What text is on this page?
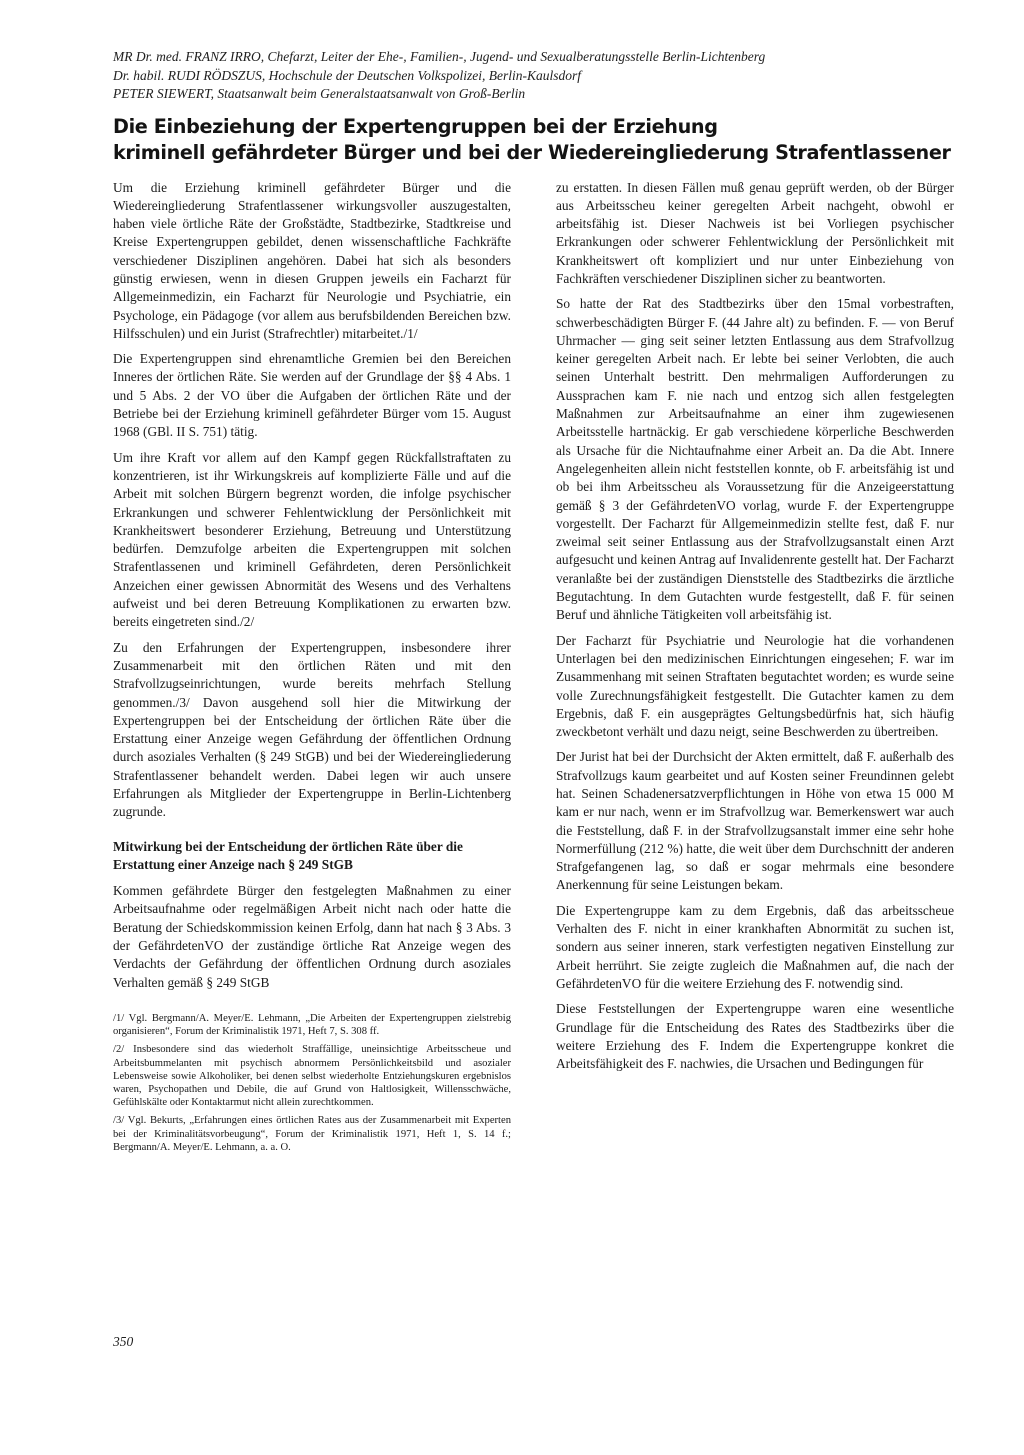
MR Dr. med. FRANZ IRRO, Chefarzt, Leiter der Ehe-, Familien-, Jugend- und Sexualberatungsstelle Berlin-Lichtenberg

Dr. habil. RUDI RÖDSZUS, Hochschule der Deutschen Volkspolizei, Berlin-Kaulsdorf

PETER SIEWERT, Staatsanwalt beim Generalstaatsanwalt von Groß-Berlin

Die Einbeziehung der Expertengruppen bei der Erziehung
kriminell gefährdeter Bürger und bei der Wiedereingliederung Strafentlassener

Um die Erziehung kriminell gefährdeter Bürger und die Wiedereingliederung Strafentlassener wirkungsvoller auszugestalten, haben viele örtliche Räte der Großstädte, Stadtbezirke, Stadtkreise und Kreise Expertengruppen gebildet, denen wissenschaftliche Fachkräfte verschiedener Disziplinen angehören. Dabei hat sich als besonders günstig erwiesen, wenn in diesen Gruppen jeweils ein Facharzt für Allgemeinmedizin, ein Facharzt für Neurologie und Psychiatrie, ein Psychologe, ein Pädagoge (vor allem aus berufsbildenden Bereichen bzw. Hilfsschulen) und ein Jurist (Strafrechtler) mitarbeitet./1/

Die Expertengruppen sind ehrenamtliche Gremien bei den Bereichen Inneres der örtlichen Räte. Sie werden auf der Grundlage der §§ 4 Abs. 1 und 5 Abs. 2 der VO über die Aufgaben der örtlichen Räte und der Betriebe bei der Erziehung kriminell gefährdeter Bürger vom 15. August 1968 (GBl. II S. 751) tätig.

Um ihre Kraft vor allem auf den Kampf gegen Rückfallstraftaten zu konzentrieren, ist ihr Wirkungskreis auf komplizierte Fälle und auf die Arbeit mit solchen Bürgern begrenzt worden, die infolge psychischer Erkrankungen und schwerer Fehlentwicklung der Persönlichkeit mit Krankheitswert besonderer Erziehung, Betreuung und Unterstützung bedürfen. Demzufolge arbeiten die Expertengruppen mit solchen Strafentlassenen und kriminell Gefährdeten, deren Persönlichkeit Anzeichen einer gewissen Abnormität des Wesens und des Verhaltens aufweist und bei deren Betreuung Komplikationen zu erwarten bzw. bereits eingetreten sind./2/

Zu den Erfahrungen der Expertengruppen, insbesondere ihrer Zusammenarbeit mit den örtlichen Räten und mit den Strafvollzugseinrichtungen, wurde bereits mehrfach Stellung genommen./3/ Davon ausgehend soll hier die Mitwirkung der Expertengruppen bei der Entscheidung der örtlichen Räte über die Erstattung einer Anzeige wegen Gefährdung der öffentlichen Ordnung durch asoziales Verhalten (§ 249 StGB) und bei der Wiedereingliederung Strafentlassener behandelt werden. Dabei legen wir auch unsere Erfahrungen als Mitglieder der Expertengruppe in Berlin-Lichtenberg zugrunde.

Mitwirkung bei der Entscheidung der örtlichen Räte über die Erstattung einer Anzeige nach § 249 StGB

Kommen gefährdete Bürger den festgelegten Maßnahmen zu einer Arbeitsaufnahme oder regelmäßigen Arbeit nicht nach oder hatte die Beratung der Schiedskommission keinen Erfolg, dann hat nach § 3 Abs. 3 der GefährdetenVO der zuständige örtliche Rat Anzeige wegen des Verdachts der Gefährdung der öffentlichen Ordnung durch asoziales Verhalten gemäß § 249 StGB

/1/ Vgl. Bergmann/A. Meyer/E. Lehmann, „Die Arbeiten der Expertengruppen zielstrebig organisieren“, Forum der Kriminalistik 1971, Heft 7, S. 308 ff.

/2/ Insbesondere sind das wiederholt Straffällige, uneinsichtige Arbeitsscheue und Arbeitsbummelanten mit psychisch abnormem Persönlichkeitsbild und asozialer Lebensweise sowie Alkoholiker, bei denen selbst wiederholte Entziehungskuren ergebnislos waren, Psychopathen und Debile, die auf Grund von Haltlosigkeit, Willensschwäche, Gefühlskälte oder Kontaktarmut nicht allein zurechtkommen.

/3/ Vgl. Bekurts, „Erfahrungen eines örtlichen Rates aus der Zusammenarbeit mit Experten bei der Kriminalitätsvorbeugung“, Forum der Kriminalistik 1971, Heft 1, S. 14 f.; Bergmann/A. Meyer/E. Lehmann, a. a. O.

zu erstatten. In diesen Fällen muß genau geprüft werden, ob der Bürger aus Arbeitsscheu keiner geregelten Arbeit nachgeht, obwohl er arbeitsfähig ist. Dieser Nachweis ist bei Vorliegen psychischer Erkrankungen oder schwerer Fehlentwicklung der Persönlichkeit mit Krankheitswert oft kompliziert und nur unter Einbeziehung von Fachkräften verschiedener Disziplinen sicher zu beantworten.

So hatte der Rat des Stadtbezirks über den 15mal vorbestraften, schwerbeschädigten Bürger F. (44 Jahre alt) zu befinden. F. — von Beruf Uhrmacher — ging seit seiner letzten Entlassung aus dem Strafvollzug keiner geregelten Arbeit nach. Er lebte bei seiner Verlobten, die auch seinen Unterhalt bestritt. Den mehrmaligen Aufforderungen zu Aussprachen kam F. nie nach und entzog sich allen festgelegten Maßnahmen zur Arbeitsaufnahme an einer ihm zugewiesenen Arbeitsstelle hartnäckig. Er gab verschiedene körperliche Beschwerden als Ursache für die Nichtaufnahme einer Arbeit an. Da die Abt. Innere Angelegenheiten allein nicht feststellen konnte, ob F. arbeitsfähig ist und ob bei ihm Arbeitsscheu als Voraussetzung für die Anzeigeerstattung gemäß § 3 der GefährdetenVO vorlag, wurde F. der Expertengruppe vorgestellt. Der Facharzt für Allgemeinmedizin stellte fest, daß F. nur zweimal seit seiner Entlassung aus der Strafvollzugsanstalt einen Arzt aufgesucht und keinen Antrag auf Invalidenrente gestellt hat. Der Facharzt veranlaßte bei der zuständigen Dienststelle des Stadtbezirks die ärztliche Begutachtung. In dem Gutachten wurde festgestellt, daß F. für seinen Beruf und ähnliche Tätigkeiten voll arbeitsfähig ist.

Der Facharzt für Psychiatrie und Neurologie hat die vorhandenen Unterlagen bei den medizinischen Einrichtungen eingesehen; F. war im Zusammenhang mit seinen Straftaten begutachtet worden; es wurde seine volle Zurechnungsfähigkeit festgestellt. Die Gutachter kamen zu dem Ergebnis, daß F. ein ausgeprägtes Geltungsbedürfnis hat, sich häufig zweckbetont verhält und dazu neigt, seine Beschwerden zu übertreiben.

Der Jurist hat bei der Durchsicht der Akten ermittelt, daß F. außerhalb des Strafvollzugs kaum gearbeitet und auf Kosten seiner Freundinnen gelebt hat. Seinen Schadenersatzverpflichtungen in Höhe von etwa 15 000 M kam er nur nach, wenn er im Strafvollzug war. Bemerkenswert war auch die Feststellung, daß F. in der Strafvollzugsanstalt immer eine sehr hohe Normerfüllung (212 %) hatte, die weit über dem Durchschnitt der anderen Strafgefangenen lag, so daß er sogar mehrmals eine besondere Anerkennung für seine Leistungen bekam.

Die Expertengruppe kam zu dem Ergebnis, daß das arbeitsscheue Verhalten des F. nicht in einer krankhaften Abnormität zu suchen ist, sondern aus seiner inneren, stark verfestigten negativen Einstellung zur Arbeit herrührt. Sie zeigte zugleich die Maßnahmen auf, die nach der GefährdetenVO für die weitere Erziehung des F. notwendig sind.

Diese Feststellungen der Expertengruppe waren eine wesentliche Grundlage für die Entscheidung des Rates des Stadtbezirks über die weitere Erziehung des F. Indem die Expertengruppe konkret die Arbeitsfähigkeit des F. nachwies, die Ursachen und Bedingungen für

350
